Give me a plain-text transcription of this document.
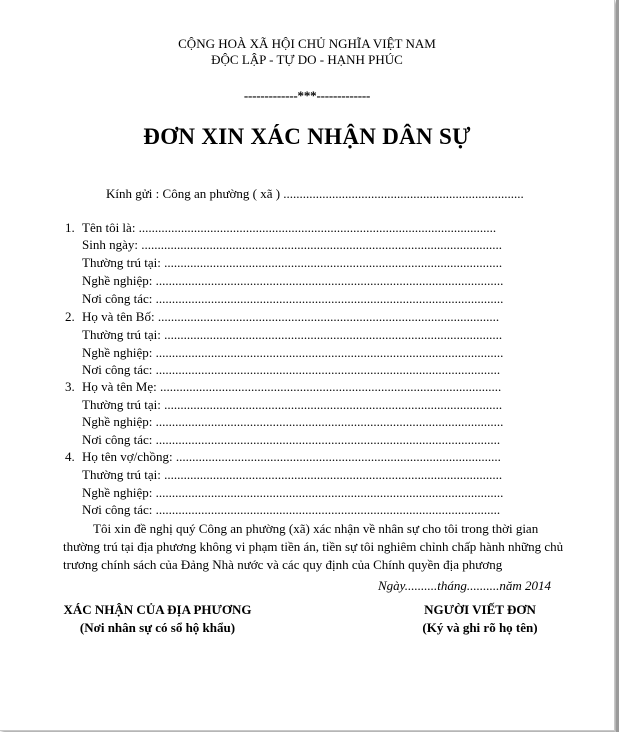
CỘNG HOÀ XÃ HỘI CHỦ NGHĨA VIỆT NAM
ĐỘC LẬP - TỰ DO - HẠNH PHÚC
-------------***-------------
ĐƠN XIN XÁC NHẬN DÂN SỰ
Kính gửi : Công an phường ( xã ) ..........................................................................
1. Tên tôi là: ..............................................................................................................
Sinh ngày: ...............................................................................................................
Thường trú tại: ........................................................................................................
Nghề nghiệp: ...........................................................................................................
Nơi công tác: ...........................................................................................................
2. Họ và tên Bố: .........................................................................................................
Thường trú tại: ........................................................................................................
Nghề nghiệp: ...........................................................................................................
Nơi công tác: ..........................................................................................................
3. Họ và tên Mẹ: .........................................................................................................
Thường trú tại: ........................................................................................................
Nghề nghiệp: ...........................................................................................................
Nơi công tác: ..........................................................................................................
4. Họ tên vợ/chồng: ....................................................................................................
Thường trú tại: ........................................................................................................
Nghề nghiệp: ...........................................................................................................
Nơi công tác: ..........................................................................................................
Tôi xin đề nghị quý Công an phường (xã) xác nhận về nhân sự cho tôi trong thời gian
thường trú tại địa phương không vi phạm tiền án, tiền sự tôi nghiêm chỉnh chấp hành những chủ
trương chính sách của Đảng Nhà nước và các quy định của Chính quyền địa phương
Ngày..........tháng..........năm 2014
XÁC NHẬN CỦA ĐỊA PHƯƠNG
(Nơi nhân sự có sổ hộ khẩu)
NGƯỜI VIẾT ĐƠN
(Ký và ghi rõ họ tên)
